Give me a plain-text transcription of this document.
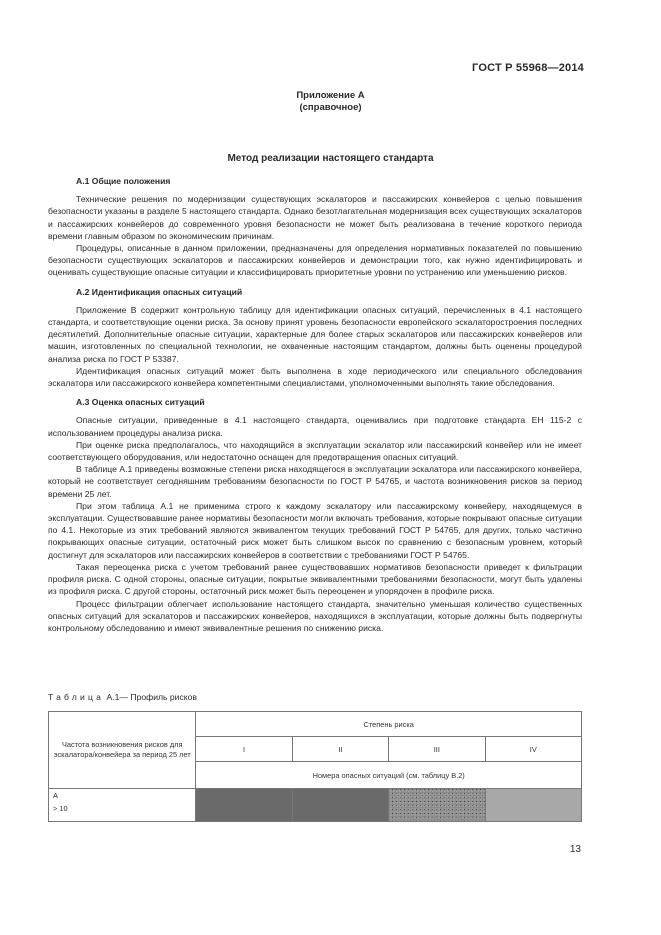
ГОСТ Р 55968—2014
Приложение А
(справочное)
Метод реализации настоящего стандарта
А.1 Общие положения

Технические решения по модернизации существующих эскалаторов и пассажирских конвейеров с целью повышения безопасности указаны в разделе 5 настоящего стандарта. Однако безотлагательная модернизация всех существующих эскалаторов и пассажирских конвейеров до современного уровня безопасности не может быть реализована в течение короткого периода времени главным образом по экономическим причинам.

Процедуры, описанные в данном приложении, предназначены для определения нормативных показателей по повышению безопасности существующих эскалаторов и пассажирских конвейеров и демонстрации того, как нужно идентифицировать и оценивать существующие опасные ситуации и классифицировать приоритетные уровни по устранению или уменьшению рисков.

А.2 Идентификация опасных ситуаций

Приложение В содержит контрольную таблицу для идентификации опасных ситуаций, перечисленных в 4.1 настоящего стандарта, и соответствующие оценки риска. За основу принят уровень безопасности европейского эскалаторостроения последних десятилетий. Дополнительные опасные ситуации, характерные для более старых эскалаторов или пассажирских конвейеров или машин, изготовленных по специальной технологии, не охваченные настоящим стандартом, должны быть оценены процедурой анализа риска по ГОСТ Р 53387.

Идентификация опасных ситуаций может быть выполнена в ходе периодического или специального обследования эскалатора или пассажирского конвейера компетентными специалистами, уполномоченными выполнять такие обследования.

А.3 Оценка опасных ситуаций

Опасные ситуации, приведенные в 4.1 настоящего стандарта, оценивались при подготовке стандарта ЕН 115-2 с использованием процедуры анализа риска.

При оценке риска предполагалось, что находящийся в эксплуатации эскалатор или пассажирский конвейер или не имеет соответствующего оборудования, или недостаточно оснащен для предотвращения опасных ситуаций.

В таблице А.1 приведены возможные степени риска находящегося в эксплуатации эскалатора или пассажирского конвейера, который не соответствует сегодняшним требованиям безопасности по ГОСТ Р 54765, и частота возникновения рисков за период времени 25 лет.

При этом таблица А.1 не применима строго к каждому эскалатору или пассажирскому конвейеру, находящемуся в эксплуатации. Существовавшие ранее нормативы безопасности могли включать требования, которые покрывают опасные ситуации по 4.1. Некоторые из этих требований являются эквивалентом текущих требований ГОСТ Р 54765, для других, только частично покрывающих опасные ситуации, остаточный риск может быть слишком высок по сравнению с безопасным уровнем, который достигнут для эскалаторов или пассажирских конвейеров в соответствии с требованиями ГОСТ Р 54765.

Такая переоценка риска с учетом требований ранее существовавших нормативов безопасности приведет к фильтрации профиля риска. С одной стороны, опасные ситуации, покрытые эквивалентными требованиями безопасности, могут быть удалены из профиля риска. С другой стороны, остаточный риск может быть переоценен и упорядочен в профиле риска.

Процесс фильтрации облегчает использование настоящего стандарта, значительно уменьшая количество существенных опасных ситуаций для эскалаторов и пассажирских конвейеров, находящихся в эксплуатации, которые должны быть подвергнуты контрольному обследованию и имеют эквивалентные решения по снижению риска.

Таблица А.1— Профиль рисков
Частота возникновения рисков для эскалатора/конвейера за период 25 лет	Степень риска			
	I	II	III	IV
	Номера опасных ситуаций (см. таблицу В.2)			

A
> 10				

13
